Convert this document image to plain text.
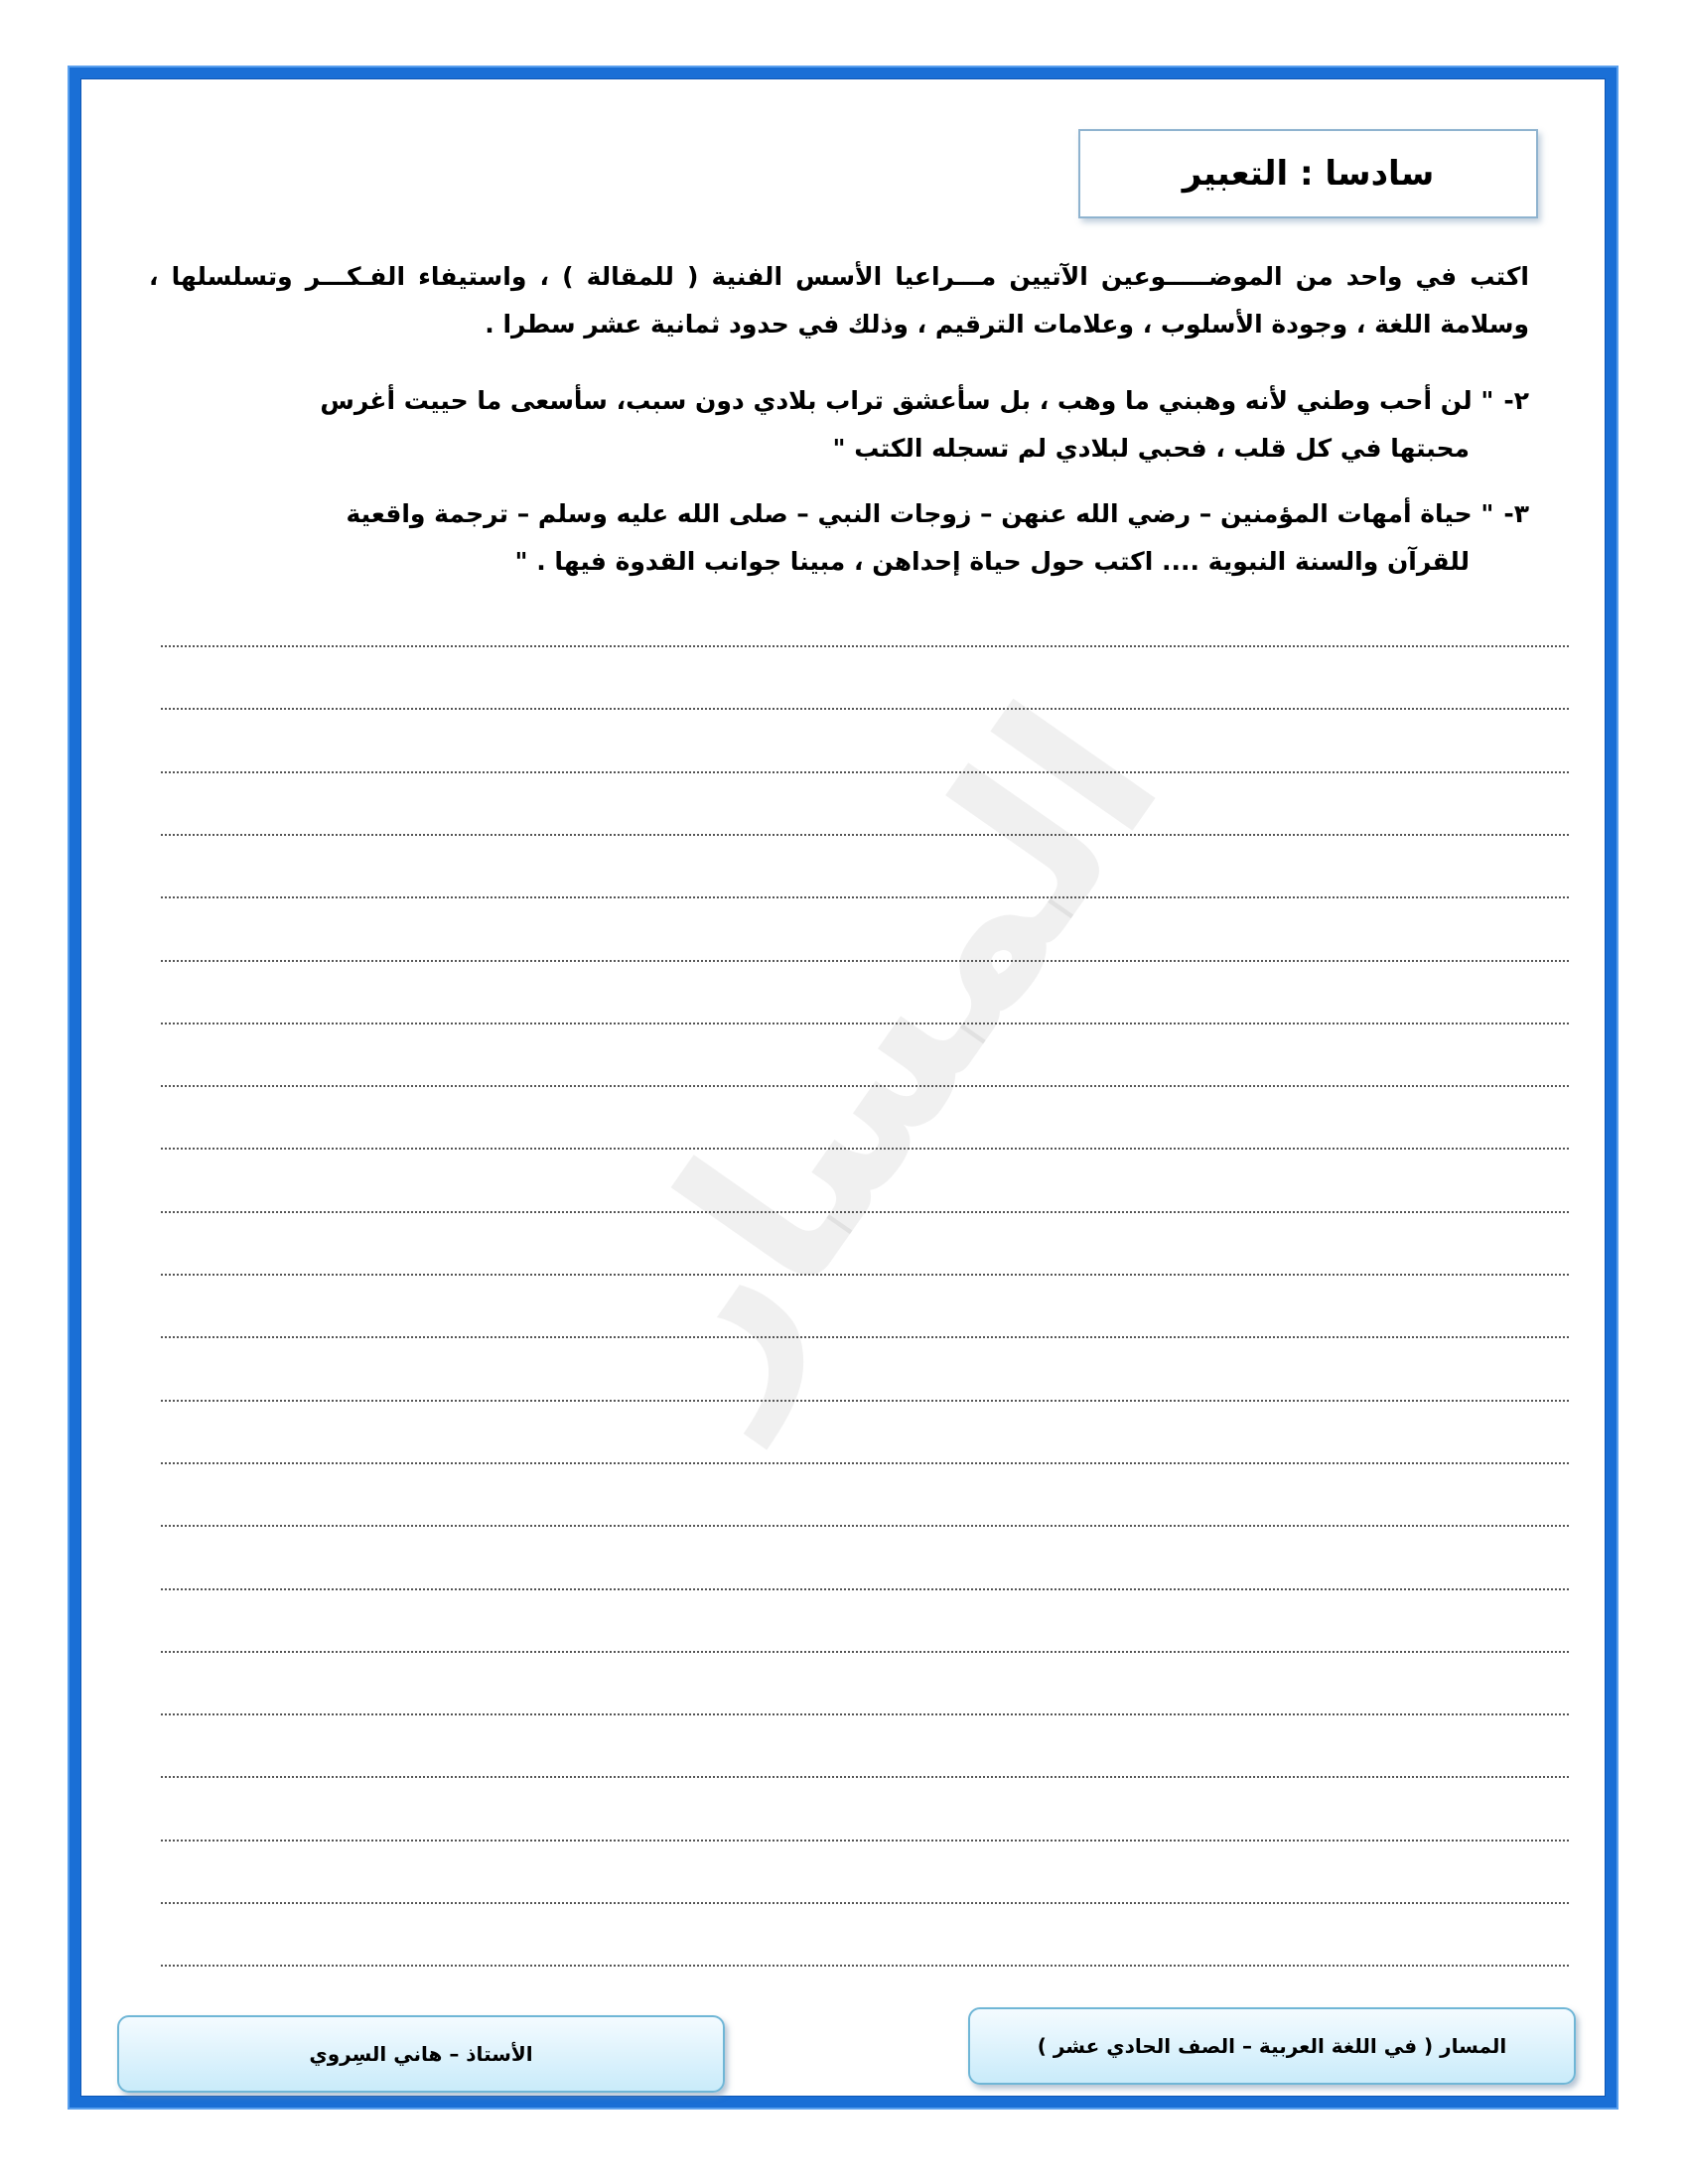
سادسا : التعبير
اكتب في واحد من الموضـــــوعين الآتيين مـــراعيا الأسس الفنية ( للمقالة ) ، واستيفاء الفـكـــر وتسلسلها ، وسلامة اللغة ، وجودة الأسلوب ، وعلامات الترقيم ، وذلك في حدود ثمانية عشر سطرا .
٢-" لن أحب وطني لأنه وهبني ما وهب ، بل سأعشق تراب بلادي دون سبب، سأسعى ما حييت أغرس
محبتها في كل قلب ، فحبي لبلادي لم تسجله الكتب "
٣-" حياة أمهات المؤمنين – رضي الله عنهن – زوجات النبي – صلى الله عليه وسلم – ترجمة واقعية
للقرآن والسنة النبوية .... اكتب حول حياة إحداهن ، مبينا جوانب القدوة فيها . "
المسار
المسار ( في اللغة العربية – الصف الحادي عشر )
الأستاذ – هاني السِروي
